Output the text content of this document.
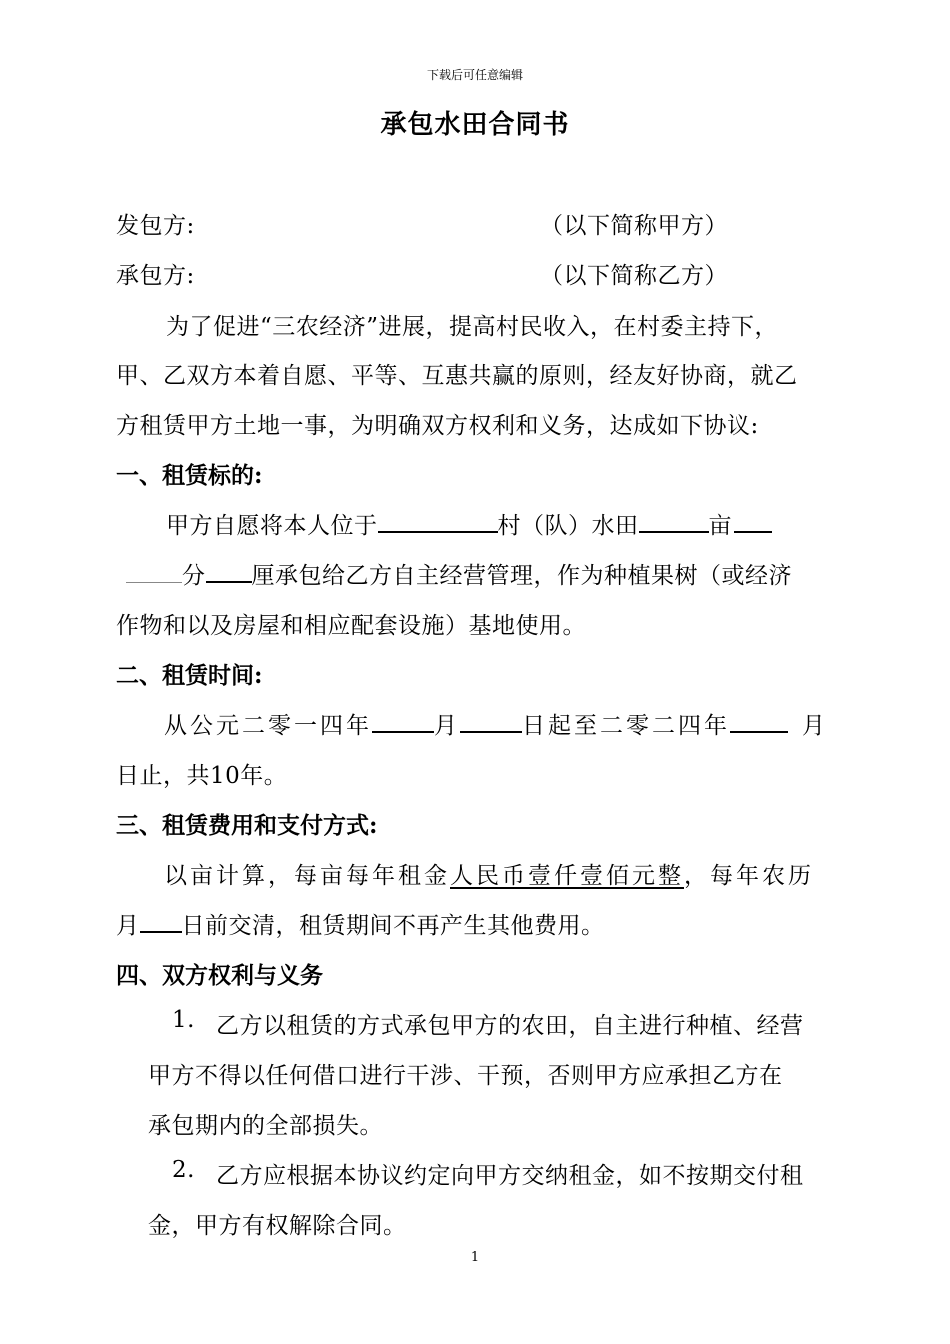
下载后可任意编辑
承包水田合同书
发包方:	（以下简称甲方）
承包方:	（以下简称乙方）
为了促进“三农经济”进展，提高村民收入，在村委主持下，
甲、乙双方本着自愿、平等、互惠共赢的原则，经友好协商，就乙
方租赁甲方土地一事，为明确双方权利和义务，达成如下协议:
一、租赁标的:
甲方自愿将本人位于	村（队）水田	亩
分 厘承包给乙方自主经营管理，作为种植果树（或经济
作物和以及房屋和相应配套设施）基地使用。
二、租赁时间:
从公元二零一四年	月	日起至二零二四年	月
日止，共10年。
三、租赁费用和支付方式:
以亩计算，每亩每年租金人民币壹仟壹佰元整，每年农历
月 日前交清，租赁期间不再产生其他费用。
四、双方权利与义务
1. 乙方以租赁的方式承包甲方的农田，自主进行种植、经营
甲方不得以任何借口进行干涉、干预，否则甲方应承担乙方在
承包期内的全部损失。
2. 乙方应根据本协议约定向甲方交纳租金，如不按期交付租
金，甲方有权解除合同。
1
